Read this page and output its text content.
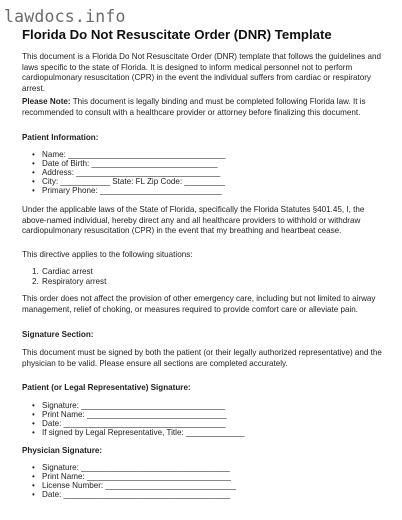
lawdocs.info
Florida Do Not Resuscitate Order (DNR) Template

This document is a Florida Do Not Resuscitate Order (DNR) template that follows the guidelines and laws specific to the state of Florida. It is designed to inform medical personnel not to perform cardiopulmonary resuscitation (CPR) in the event the individual suffers from cardiac or respiratory arrest.

Please Note: This document is legally binding and must be completed following Florida law. It is recommended to consult with a healthcare provider or attorney before finalizing this document.

Patient Information:

• Name: ___________________________________
• Date of Birth: ____________________________
• Address: ________________________________
• City: ___________ State: FL Zip Code: _________
• Primary Phone: ___________________________

Under the applicable laws of the State of Florida, specifically the Florida Statutes §401.45, I, the above-named individual, hereby direct any and all healthcare providers to withhold or withdraw cardiopulmonary resuscitation (CPR) in the event that my breathing and heartbeat cease.

This directive applies to the following situations:

1. Cardiac arrest
2. Respiratory arrest

This order does not affect the provision of other emergency care, including but not limited to airway management, relief of choking, or measures required to provide comfort care or alleviate pain.

Signature Section:

This document must be signed by both the patient (or their legally authorized representative) and the physician to be valid. Please ensure all sections are completed accurately.

Patient (or Legal Representative) Signature:

• Signature: ________________________________
• Print Name: _______________________________
• Date: ____________________________________
• If signed by Legal Representative, Title: _____________

Physician Signature:

• Signature: _________________________________
• Print Name: ________________________________
• License Number: _____________________________
• Date: _____________________________________
